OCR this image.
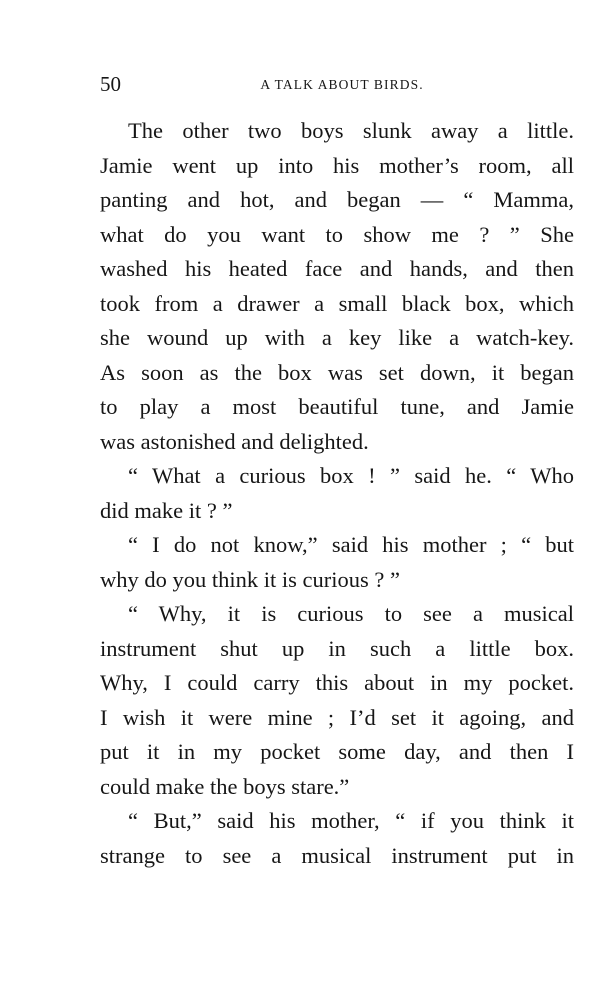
50	A TALK ABOUT BIRDS.
The other two boys slunk away a little.
Jamie went up into his mother’s room, all
panting and hot, and began — “ Mamma,
what do you want to show me ? ” She
washed his heated face and hands, and then
took from a drawer a small black box, which
she wound up with a key like a watch-key.
As soon as the box was set down, it began
to play a most beautiful tune, and Jamie
was astonished and delighted.
“ What a curious box ! ” said he. “ Who
did make it ? ”
“ I do not know,” said his mother ; “ but
why do you think it is curious ? ”
“ Why, it is curious to see a musical
instrument shut up in such a little box.
Why, I could carry this about in my pocket.
I wish it were mine ; I’d set it agoing, and
put it in my pocket some day, and then I
could make the boys stare.”
“ But,” said his mother, “ if you think it
strange to see a musical instrument put in
